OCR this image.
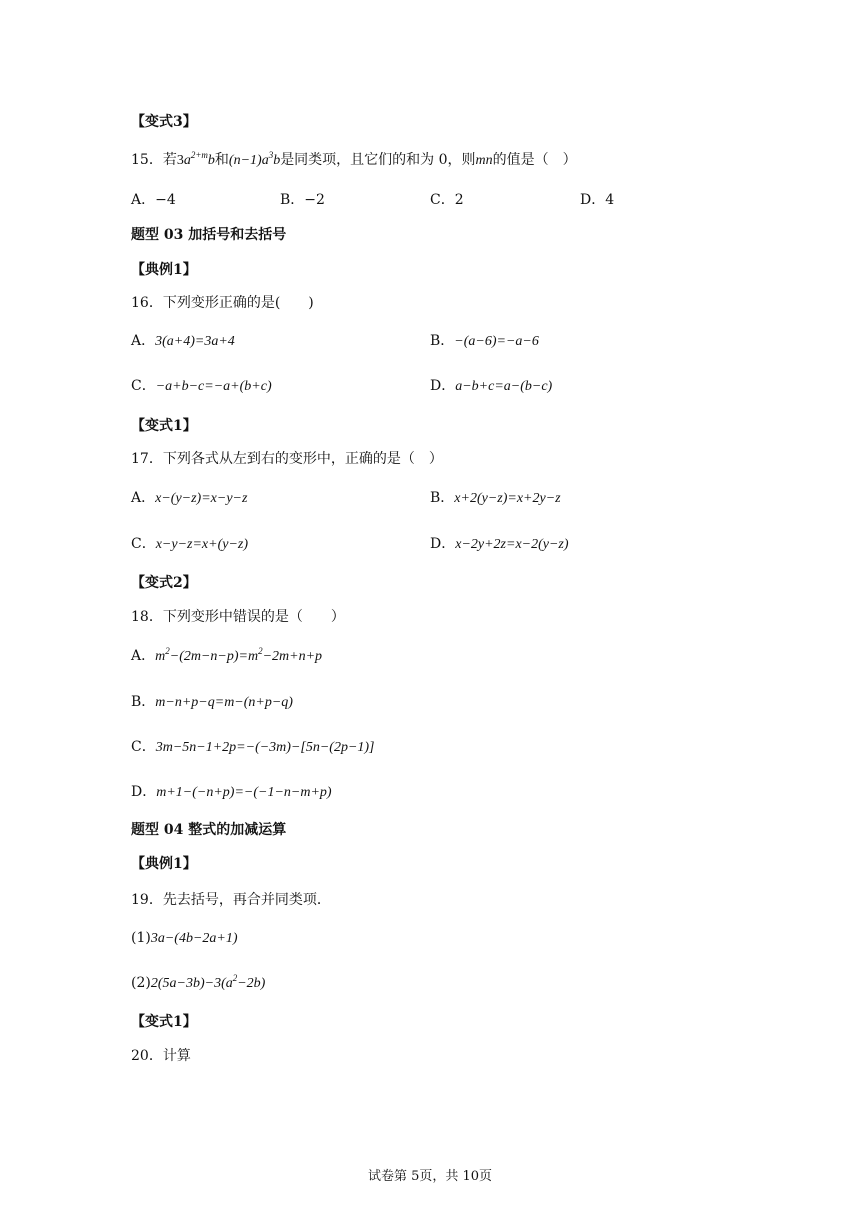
【变式3】
15．若$3a^{2+m}b$和$(n-1)a^3b$是同类项，且它们的和为 0，则mn的值是（　）
A．−4	B．−2	C．2	D．4
题型 03 加括号和去括号
【典例1】
16．下列变形正确的是(　　)
A．3(a+4)=3a+4	B．−(a−6)=−a−6
C．−a+b−c=−a+(b+c)	D．a−b+c=a−(b−c)
【变式1】
17．下列各式从左到右的变形中，正确的是（　）
A．x−(y−z)=x−y−z	B．x+2(y−z)=x+2y−z
C．x−y−z=x+(y−z)	D．x−2y+2z=x−2(y−z)
【变式2】
18．下列变形中错误的是（　　）
A．$m^2-(2m-n-p)=m^2-2m+n+p$
B．m−n+p−q=m−(n+p−q)
C．3m−5n−1+2p=−(−3m)−[5n−(2p−1)]
D．m+1−(−n+p)=−(−1−n−m+p)
题型 04 整式的加减运算
【典例1】
19．先去括号，再合并同类项．
(1)3a−(4b−2a+1)
$(2)2(5a-3b)-3(a^2-2b)$
【变式1】
20．计算
试卷第 5页，共 10页
